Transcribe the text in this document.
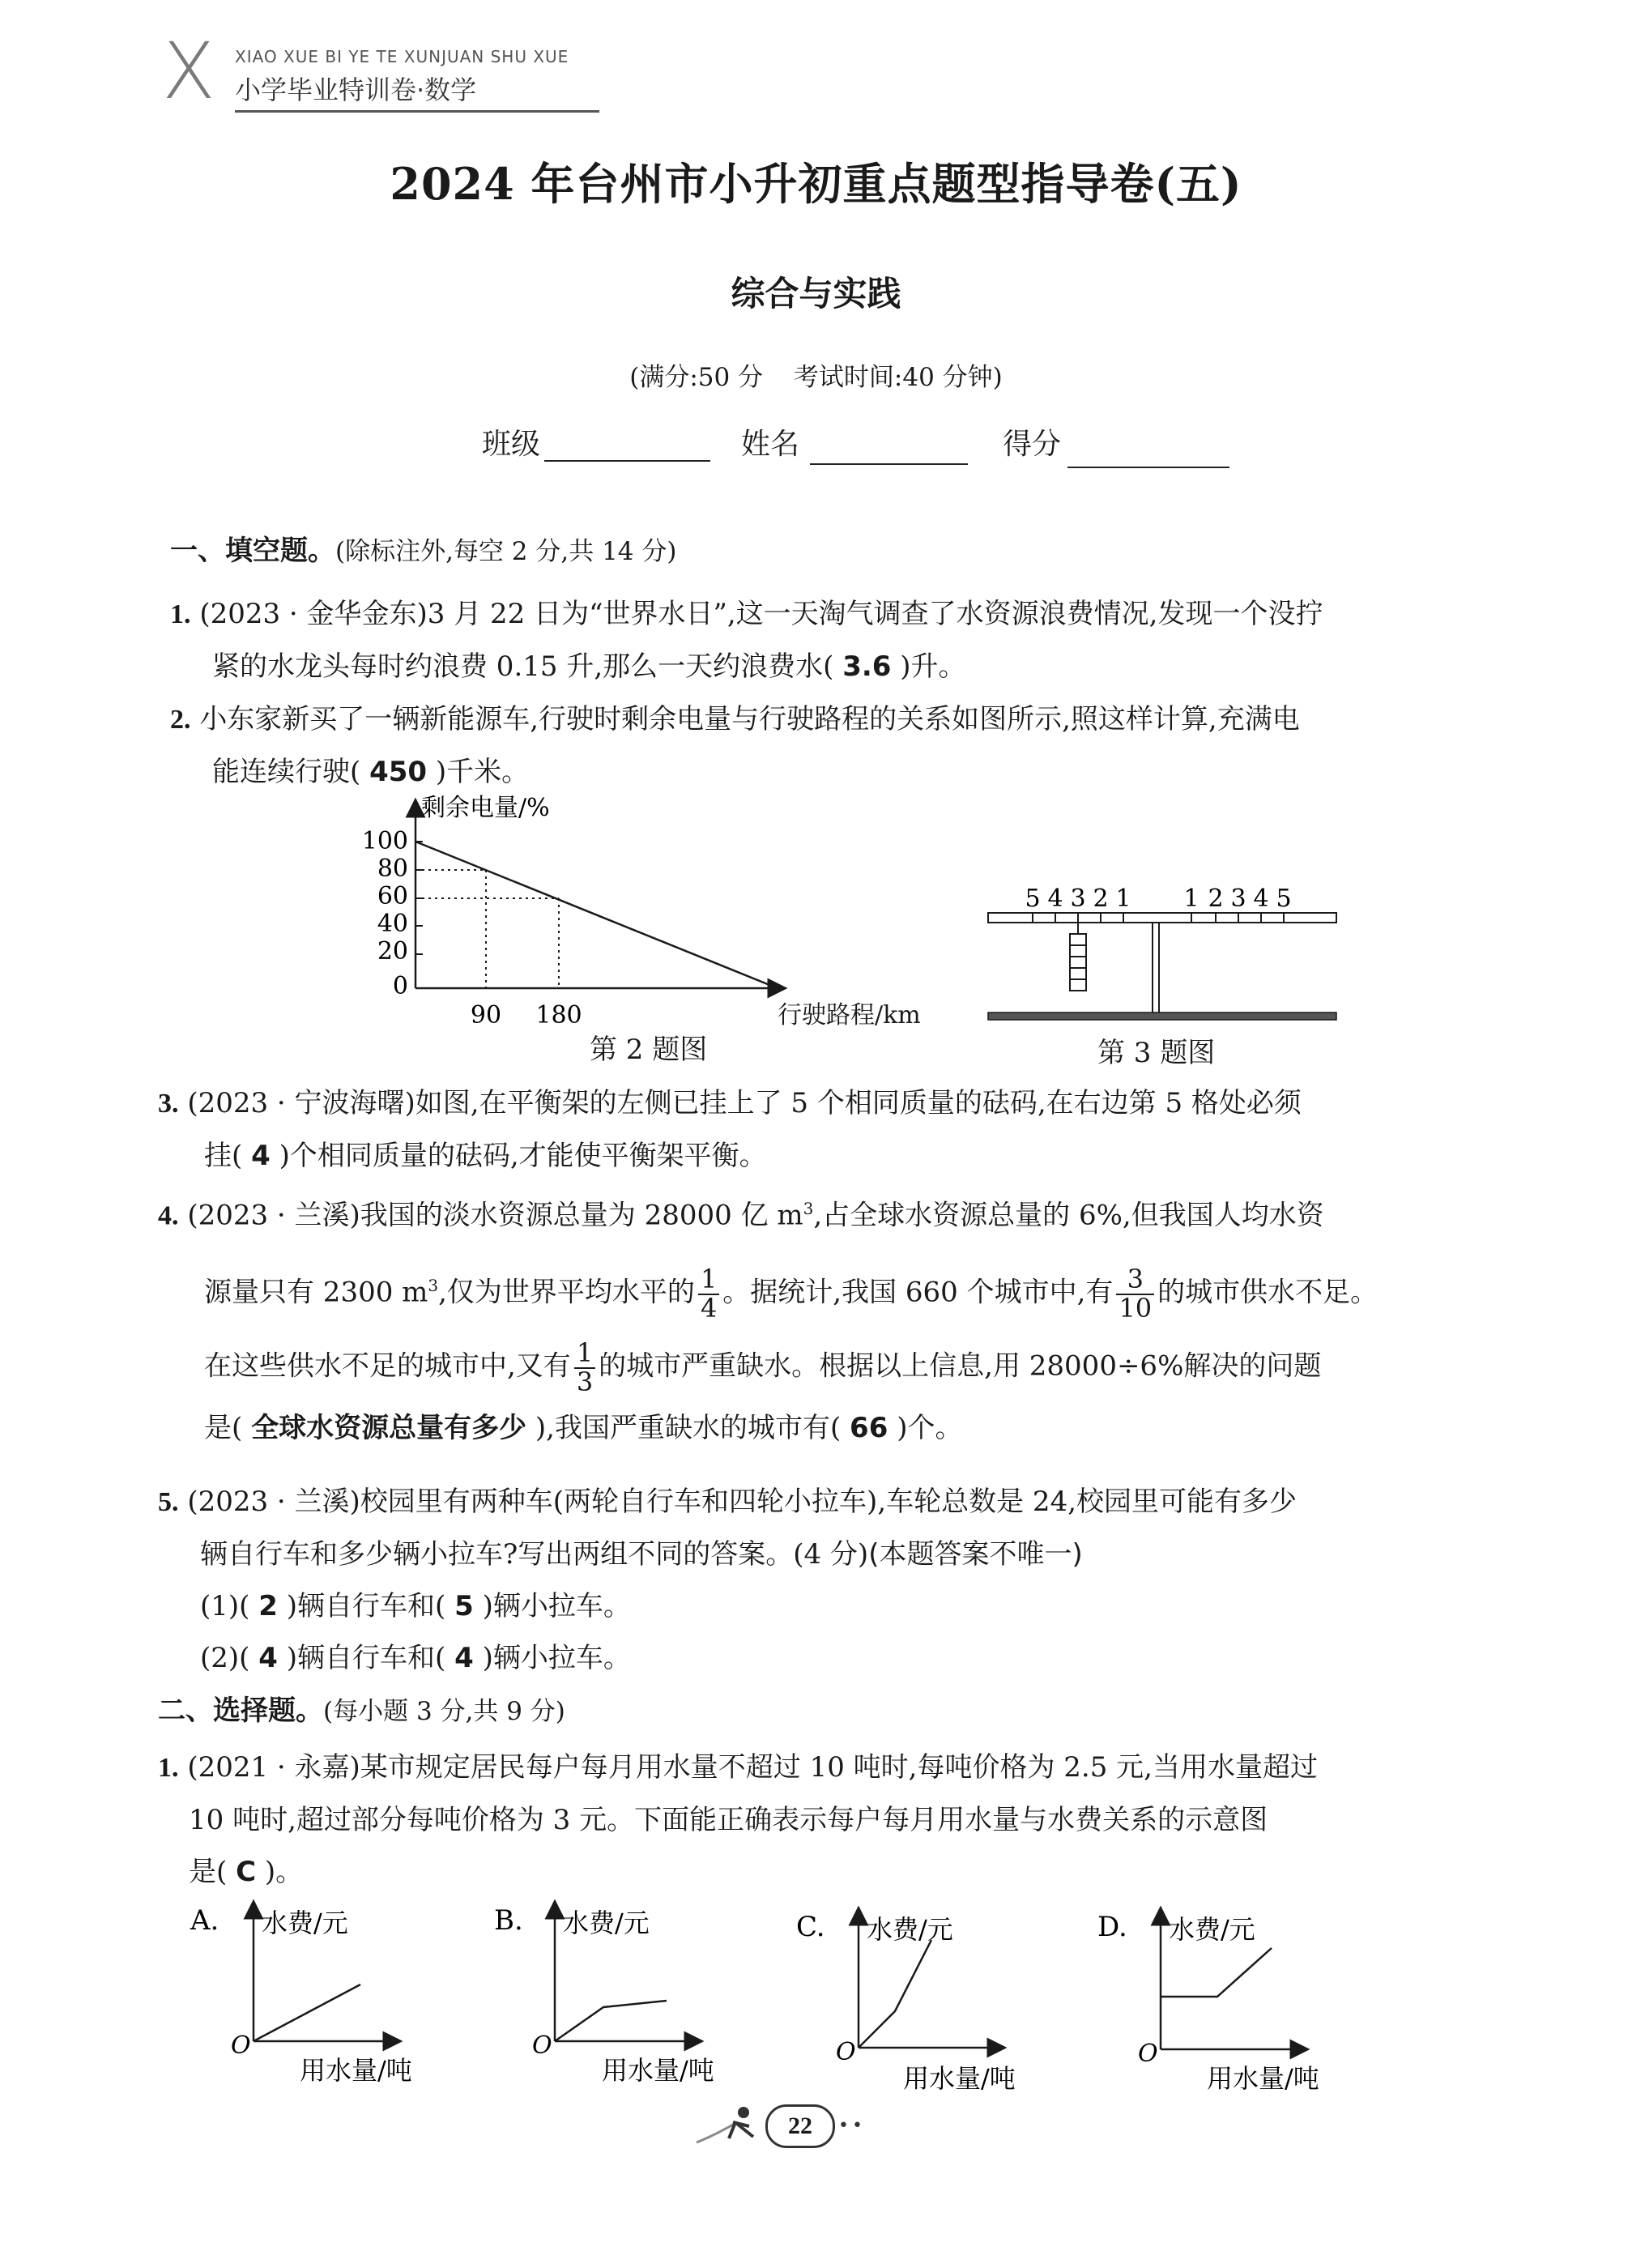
X XIAO XUE BI YE TE XUNJUAN SHU XUE
小学毕业特训卷·数学
2024 年台州市小升初重点题型指导卷(五)
综合与实践
(满分:50 分 考试时间:40 分钟)
班级	姓名	得分
一、填空题。(除标注外,每空 2 分,共 14 分)
1. (2023 · 金华金东)3 月 22 日为“世界水日”,这一天淘气调查了水资源浪费情况,发现一个没拧
紧的水龙头每时约浪费 0.15 升,那么一天约浪费水( 3.6 )升。
2. 小东家新买了一辆新能源车,行驶时剩余电量与行驶路程的关系如图所示,照这样计算,充满电
能连续行驶( 450 )千米。
剩余电量/%
100
80
60
40
20
0
90 180	行驶路程/km
第 2 题图
5 4 3 2 1 1 2 3 4 5
第 3 题图
3. (2023 · 宁波海曙)如图,在平衡架的左侧已挂上了 5 个相同质量的砝码,在右边第 5 格处必须
挂( 4 )个相同质量的砝码,才能使平衡架平衡。
4. (2023 · 兰溪)我国的淡水资源总量为 28000 亿 $m^3$,占全球水资源总量的 6%,但我国人均水资
源量只有 2300 $m^3$,仅为世界平均水平的 $\frac{1}{4}$ 。据统计,我国 660 个城市中,有 $\frac{3}{10}$ 的城市供水不足。
在这些供水不足的城市中,又有 $\frac{1}{3}$ 的城市严重缺水。根据以上信息,用 28000÷6%解决的问题
是( 全球水资源总量有多少 ),我国严重缺水的城市有( 66 )个。
5. (2023 · 兰溪)校园里有两种车(两轮自行车和四轮小拉车),车轮总数是 24,校园里可能有多少
辆自行车和多少辆小拉车?写出两组不同的答案。(4 分)(本题答案不唯一)
(1)( 2 )辆自行车和( 5 )辆小拉车。
(2)( 4 )辆自行车和( 4 )辆小拉车。
二、选择题。(每小题 3 分,共 9 分)
1. (2021 · 永嘉)某市规定居民每户每月用水量不超过 10 吨时,每吨价格为 2.5 元,当用水量超过
10 吨时,超过部分每吨价格为 3 元。下面能正确表示每户每月用水量与水费关系的示意图
是( C )。
A. 水费/元
O
用水量/吨
B. 水费/元
O
用水量/吨
C. 水费/元
O
用水量/吨
D. 水费/元
O
用水量/吨
22	••
